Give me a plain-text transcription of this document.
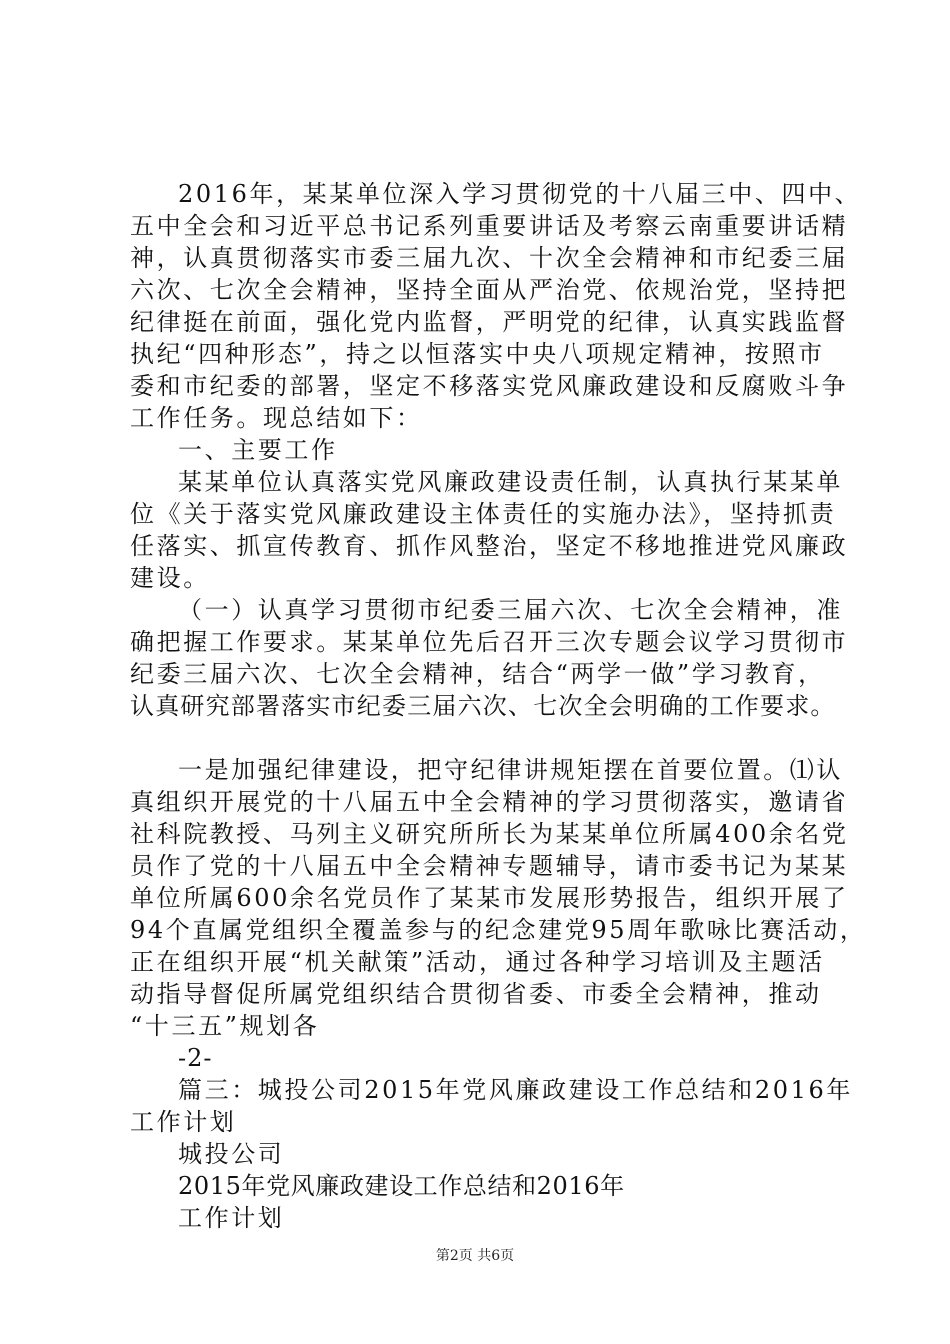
2016年，某某单位深入学习贯彻党的十八届三中、四中、
五中全会和习近平总书记系列重要讲话及考察云南重要讲话精
神，认真贯彻落实市委三届九次、十次全会精神和市纪委三届
六次、七次全会精神，坚持全面从严治党、依规治党，坚持把
纪律挺在前面，强化党内监督，严明党的纪律，认真实践监督
执纪“四种形态”，持之以恒落实中央八项规定精神，按照市
委和市纪委的部署，坚定不移落实党风廉政建设和反腐败斗争
工作任务。现总结如下：
一、主要工作
某某单位认真落实党风廉政建设责任制，认真执行某某单
位《关于落实党风廉政建设主体责任的实施办法》，坚持抓责
任落实、抓宣传教育、抓作风整治，坚定不移地推进党风廉政
建设。
（一）认真学习贯彻市纪委三届六次、七次全会精神，准
确把握工作要求。某某单位先后召开三次专题会议学习贯彻市
纪委三届六次、七次全会精神，结合“两学一做”学习教育，
认真研究部署落实市纪委三届六次、七次全会明确的工作要求。
一是加强纪律建设，把守纪律讲规矩摆在首要位置。⑴认
真组织开展党的十八届五中全会精神的学习贯彻落实，邀请省
社科院教授、马列主义研究所所长为某某单位所属400余名党
员作了党的十八届五中全会精神专题辅导，请市委书记为某某
单位所属600余名党员作了某某市发展形势报告，组织开展了
94个直属党组织全覆盖参与的纪念建党95周年歌咏比赛活动，
正在组织开展“机关献策”活动，通过各种学习培训及主题活
动指导督促所属党组织结合贯彻省委、市委全会精神，推动
“十三五”规划各
-2-
篇三：城投公司2015年党风廉政建设工作总结和2016年
工作计划
城投公司
2015年党风廉政建设工作总结和2016年
工作计划
第2页 共6页
